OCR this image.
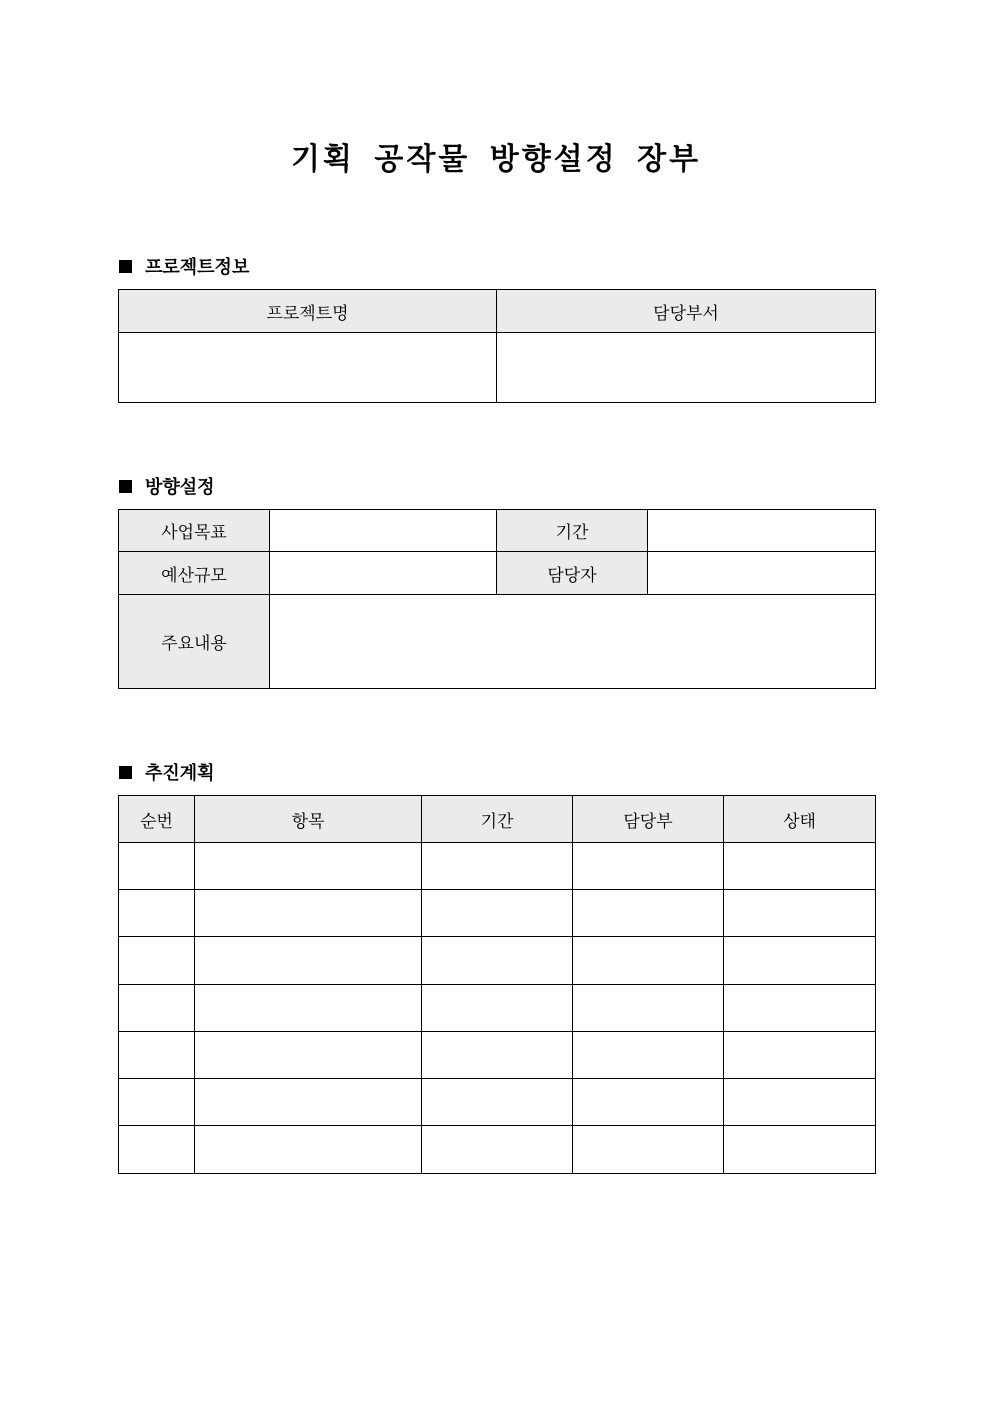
기획 공작물 방향설정 장부
프로젝트정보
프로젝트명	담당부서

방향설정
사업목표		기간	
예산규모		담당자	
주요내용			
추진계획
순번	항목	기간	담당부	상태
